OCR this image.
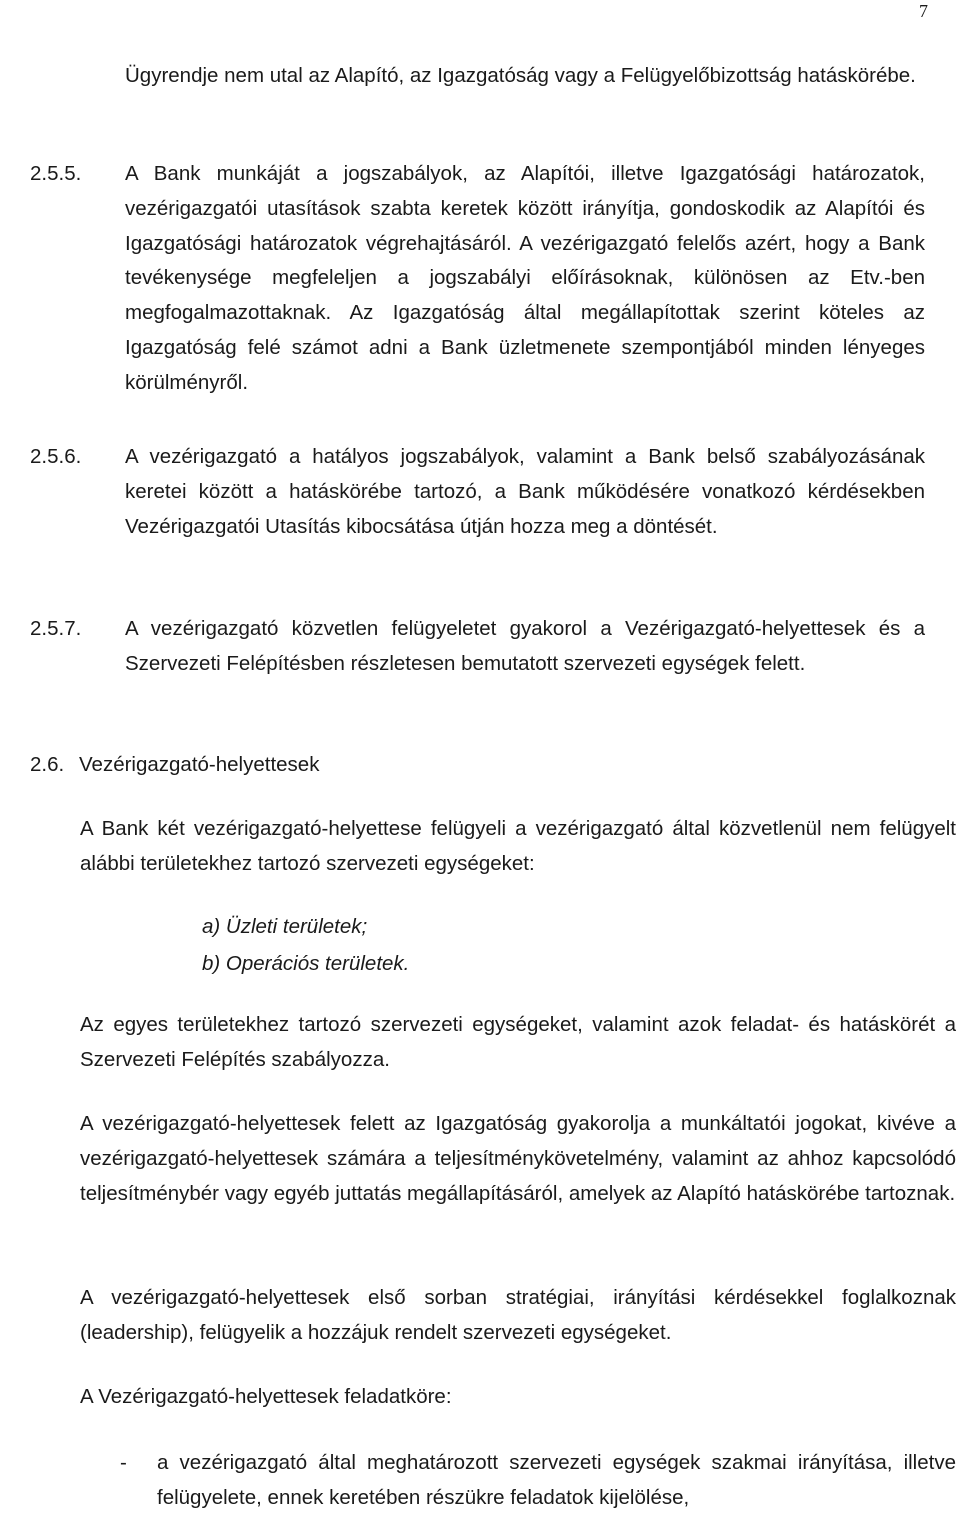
7
Ügyrendje nem utal az Alapító, az Igazgatóság vagy a Felügyelőbizottság hatáskörébe.
2.5.5. A Bank munkáját a jogszabályok, az Alapítói, illetve Igazgatósági határozatok, vezérigazgatói utasítások szabta keretek között irányítja, gondoskodik az Alapítói és Igazgatósági határozatok végrehajtásáról. A vezérigazgató felelős azért, hogy a Bank tevékenysége megfeleljen a jogszabályi előírásoknak, különösen az Etv.-ben megfogalmazottaknak. Az Igazgatóság által megállapítottak szerint köteles az Igazgatóság felé számot adni a Bank üzletmenete szempontjából minden lényeges körülményről.
2.5.6. A vezérigazgató a hatályos jogszabályok, valamint a Bank belső szabályozásának keretei között a hatáskörébe tartozó, a Bank működésére vonatkozó kérdésekben Vezérigazgatói Utasítás kibocsátása útján hozza meg a döntését.
2.5.7. A vezérigazgató közvetlen felügyeletet gyakorol a Vezérigazgató-helyettesek és a Szervezeti Felépítésben részletesen bemutatott szervezeti egységek felett.
2.6. Vezérigazgató-helyettesek
A Bank két vezérigazgató-helyettese felügyeli a vezérigazgató által közvetlenül nem felügyelt alábbi területekhez tartozó szervezeti egységeket:
a) Üzleti területek;
b) Operációs területek.
Az egyes területekhez tartozó szervezeti egységeket, valamint azok feladat- és hatáskörét a Szervezeti Felépítés szabályozza.
A vezérigazgató-helyettesek felett az Igazgatóság gyakorolja a munkáltatói jogokat, kivéve a vezérigazgató-helyettesek számára a teljesítménykövetelmény, valamint az ahhoz kapcsolódó teljesítménybér vagy egyéb juttatás megállapításáról, amelyek az Alapító hatáskörébe tartoznak.
A vezérigazgató-helyettesek első sorban stratégiai, irányítási kérdésekkel foglalkoznak (leadership), felügyelik a hozzájuk rendelt szervezeti egységeket.
A Vezérigazgató-helyettesek feladatköre:
- a vezérigazgató által meghatározott szervezeti egységek szakmai irányítása, illetve felügyelete, ennek keretében részükre feladatok kijelölése,
